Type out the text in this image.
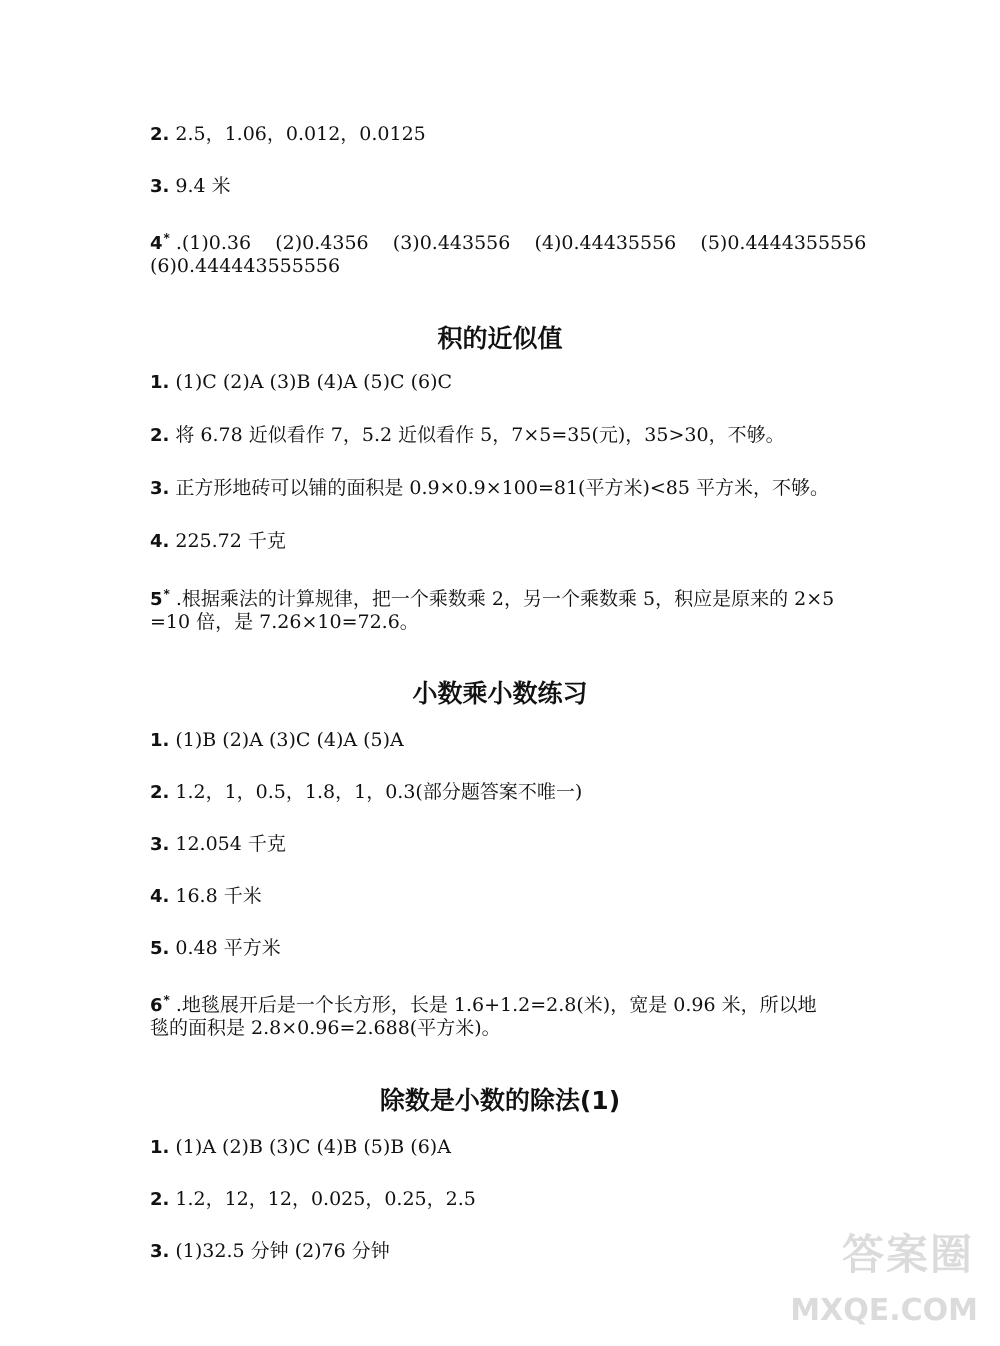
2. 2.5，1.06，0.012，0.0125
3. 9.4 米
4* .(1)0.36    (2)0.4356    (3)0.443556    (4)0.44435556    (5)0.4444355556
(6)0.444443555556
积的近似值
1. (1)C (2)A (3)B (4)A (5)C (6)C
2. 将 6.78 近似看作 7，5.2 近似看作 5，7×5=35(元)，35>30，不够。
3. 正方形地砖可以铺的面积是 0.9×0.9×100=81(平方米)<85 平方米，不够。
4. 225.72 千克
5* .根据乘法的计算规律，把一个乘数乘 2，另一个乘数乘 5，积应是原来的 2×5
=10 倍，是 7.26×10=72.6。
小数乘小数练习
1. (1)B (2)A (3)C (4)A (5)A
2. 1.2，1，0.5，1.8，1，0.3(部分题答案不唯一)
3. 12.054 千克
4. 16.8 千米
5. 0.48 平方米
6* .地毯展开后是一个长方形，长是 1.6+1.2=2.8(米)，宽是 0.96 米，所以地
毯的面积是 2.8×0.96=2.688(平方米)。
除数是小数的除法(1)
1. (1)A (2)B (3)C (4)B (5)B (6)A
2. 1.2，12，12，0.025，0.25，2.5
3. (1)32.5 分钟 (2)76 分钟	答案圈
MXQE.COM
